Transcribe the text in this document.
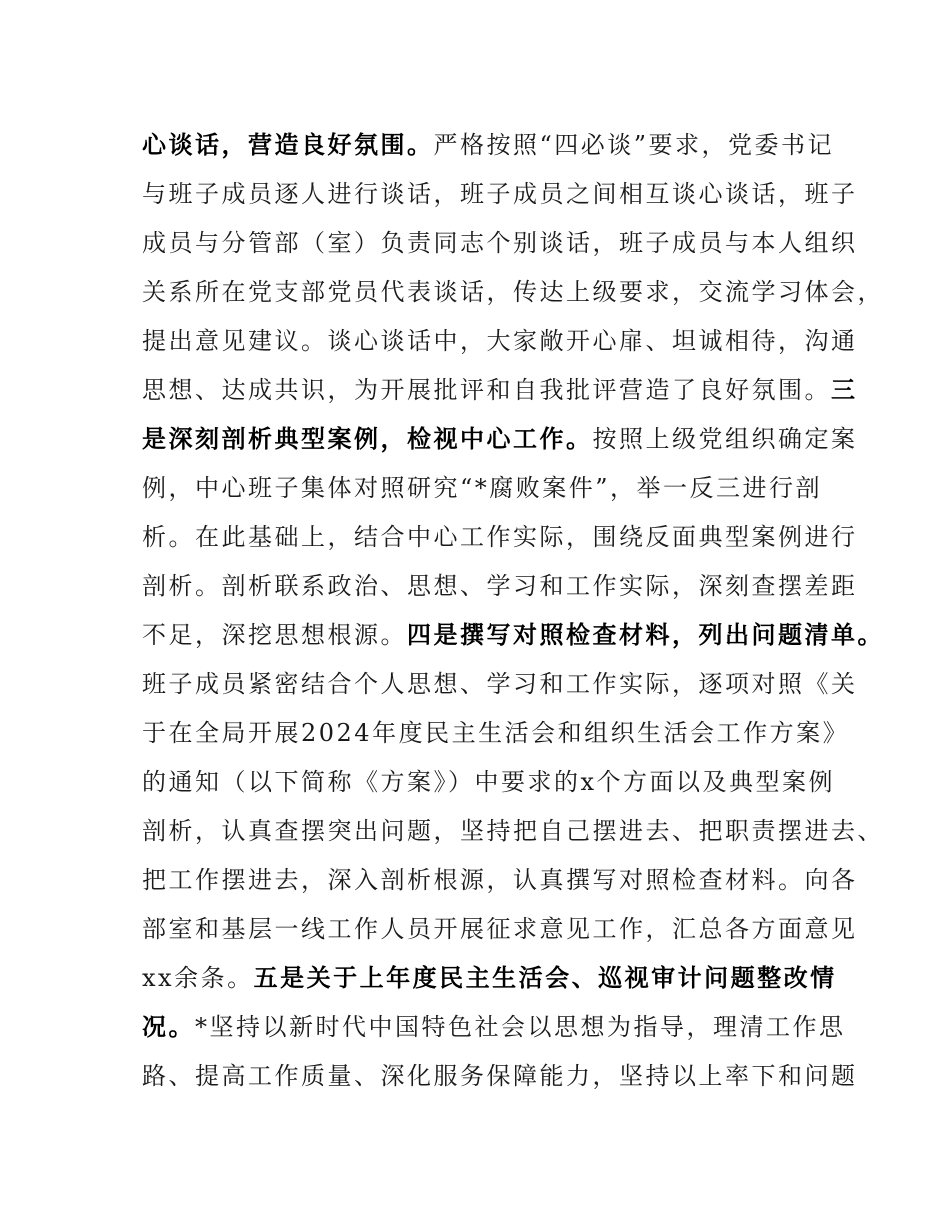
心谈话，营造良好氛围。严格按照“四必谈”要求，党委书记
与班子成员逐人进行谈话，班子成员之间相互谈心谈话，班子
成员与分管部（室）负责同志个别谈话，班子成员与本人组织
关系所在党支部党员代表谈话，传达上级要求，交流学习体会，
提出意见建议。谈心谈话中，大家敞开心扉、坦诚相待，沟通
思想、达成共识，为开展批评和自我批评营造了良好氛围。三
是深刻剖析典型案例，检视中心工作。按照上级党组织确定案
例，中心班子集体对照研究“*腐败案件”，举一反三进行剖
析。在此基础上，结合中心工作实际，围绕反面典型案例进行
剖析。剖析联系政治、思想、学习和工作实际，深刻查摆差距
不足，深挖思想根源。四是撰写对照检查材料，列出问题清单。
班子成员紧密结合个人思想、学习和工作实际，逐项对照《关
于在全局开展2024年度民主生活会和组织生活会工作方案》
的通知（以下简称《方案》）中要求的x个方面以及典型案例
剖析，认真查摆突出问题，坚持把自己摆进去、把职责摆进去、
把工作摆进去，深入剖析根源，认真撰写对照检查材料。向各
部室和基层一线工作人员开展征求意见工作，汇总各方面意见
xx余条。五是关于上年度民主生活会、巡视审计问题整改情
况。*坚持以新时代中国特色社会以思想为指导，理清工作思
路、提高工作质量、深化服务保障能力，坚持以上率下和问题
